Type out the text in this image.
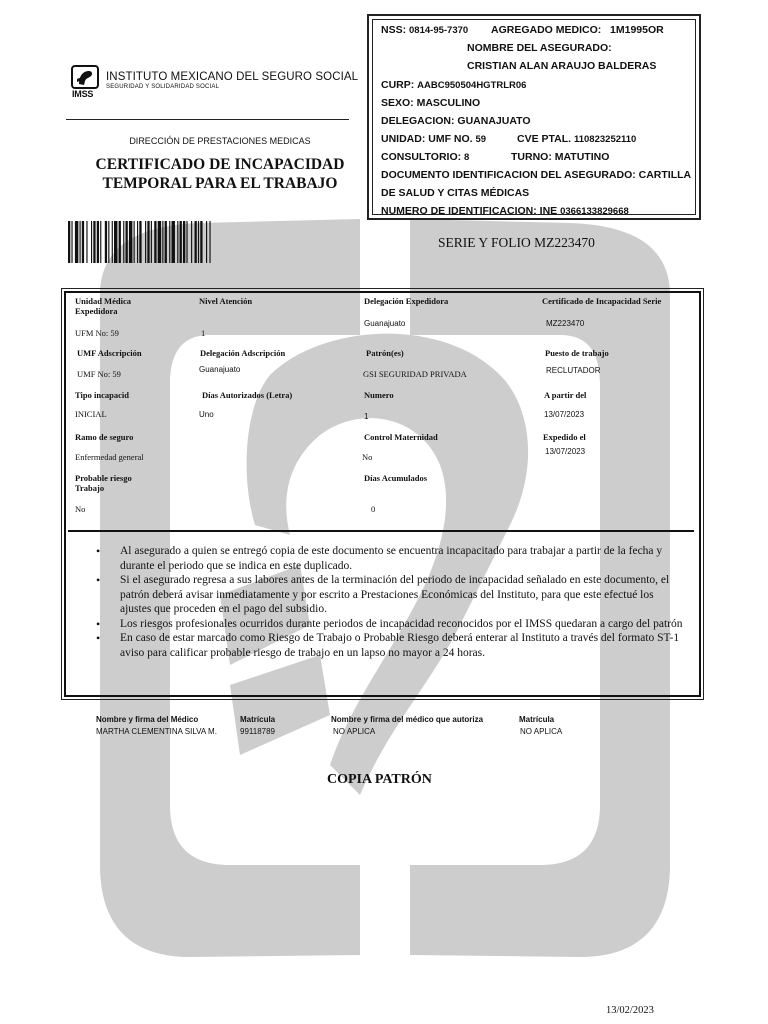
IMSS
INSTITUTO MEXICANO DEL SEGURO SOCIAL
SEGURIDAD Y SOLIDARIDAD SOCIAL
DIRECCIÓN DE PRESTACIONES MEDICAS
CERTIFICADO DE INCAPACIDAD
TEMPORAL PARA EL TRABAJO
NSS: 0814-95-7370 AGREGADO MEDICO: 1M1995OR
NOMBRE DEL ASEGURADO:
CRISTIAN ALAN ARAUJO BALDERAS
CURP: AABC950504HGTRLR06
SEXO: MASCULINO
DELEGACION: GUANAJUATO
UNIDAD: UMF NO. 59	CVE PTAL. 110823252110
CONSULTORIO: 8	TURNO: MATUTINO
DOCUMENTO IDENTIFICACION DEL ASEGURADO: CARTILLA
DE SALUD Y CITAS MÉDICAS
NUMERO DE IDENTIFICACION: INE 0366133829668
SERIE Y FOLIO MZ223470
Unidad Médica
Expedidora
UFM No: 59
Nivel Atención
1
Delegación Expedidora
Guanajuato
Certificado de Incapacidad Serie
MZ223470
UMF Adscripción
UMF No: 59
Delegación Adscripción
Guanajuato
Patrón(es)
GSI SEGURIDAD PRIVADA
Puesto de trabajo
RECLUTADOR
Tipo incapacid
INICIAL
Días Autorizados (Letra)
Uno
Numero
1
A partir del
13/07/2023
Ramo de seguro
Enfermedad general
Control Maternidad
No
Expedido el
13/07/2023
Probable riesgo
Trabajo
No
Días Acumulados
0
• Al asegurado a quien se entregó copia de este documento se encuentra incapacitado para trabajar a partir de la fecha y durante el periodo que se indica en este duplicado.
• Si el asegurado regresa a sus labores antes de la terminación del periodo de incapacidad señalado en este documento, el patrón deberá avisar inmediatamente y por escrito a Prestaciones Económicas del Instituto, para que este efectué los ajustes que proceden en el pago del subsidio.
• Los riesgos profesionales ocurridos durante periodos de incapacidad reconocidos por el IMSS quedaran a cargo del patrón
• En caso de estar marcado como Riesgo de Trabajo o Probable Riesgo deberá enterar al Instituto a través del formato ST-1 aviso para calificar probable riesgo de trabajo en un lapso no mayor a 24 horas.
Nombre y firma del Médico
MARTHA CLEMENTINA SILVA M.
Matrícula
99118789
Nombre y firma del médico que autoriza
NO APLICA
Matrícula
NO APLICA
COPIA PATRÓN
13/02/2023
